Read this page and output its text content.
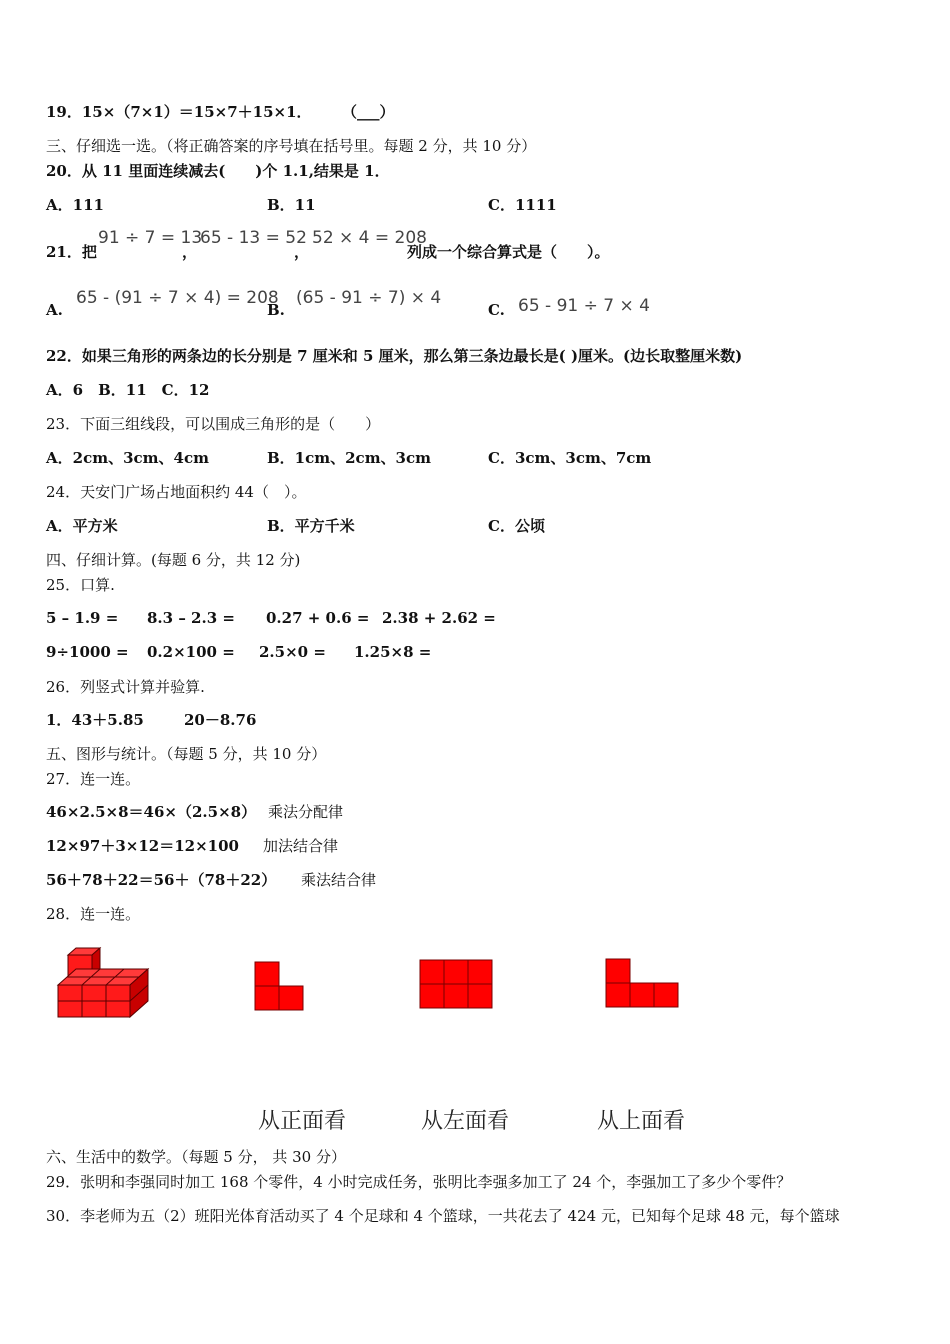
19．15×（7×1）＝15×7＋15×1． （___）
三、仔细选一选。（将正确答案的序号填在括号里。每题 2 分，共 10 分）
20．从 11 里面连续减去(　　)个 1.1,结果是 1．
A．111	B．11	C．1111
21．把
91 ÷ 7 = 13
，
65 - 13 = 52
，
52 × 4 = 208
列成一个综合算式是（　　）。
A.
65 - (91 ÷ 7 × 4) = 208
B.
(65 - 91 ÷ 7) × 4
C. 65 - 91 ÷ 7 × 4
22．如果三角形的两条边的长分别是 7 厘米和 5 厘米，那么第三条边最长是( )厘米。(边长取整厘米数)
A．6　B．11　C．12
23．下面三组线段，可以围成三角形的是（　　）
A．2cm、3cm、4cm	B．1cm、2cm、3cm	C．3cm、3cm、7cm
24．天安门广场占地面积约 44（　）。
A．平方米	B．平方千米	C．公顷
四、仔细计算。(每题 6 分，共 12 分)
25．口算.
5 – 1.9 = 8.3 – 2.3 = 0.27 + 0.6 = 2.38 + 2.62 =
9÷1000 = 0.2×100 = 2.5×0 = 1.25×8 =
26．列竖式计算并验算.
1．43＋5.85	20－8.76
五、图形与统计。（每题 5 分，共 10 分）
27．连一连。
46×2.5×8＝46×（2.5×8） 乘法分配律
12×97＋3×12＝12×100 加法结合律
56＋78＋22＝56＋（78＋22） 乘法结合律
28．连一连。
从正面看	从左面看	从上面看
六、生活中的数学。（每题 5 分， 共 30 分）
29．张明和李强同时加工 168 个零件，4 小时完成任务，张明比李强多加工了 24 个，李强加工了多少个零件？
30．李老师为五（2）班阳光体育活动买了 4 个足球和 4 个篮球，一共花去了 424 元，已知每个足球 48 元，每个篮球
